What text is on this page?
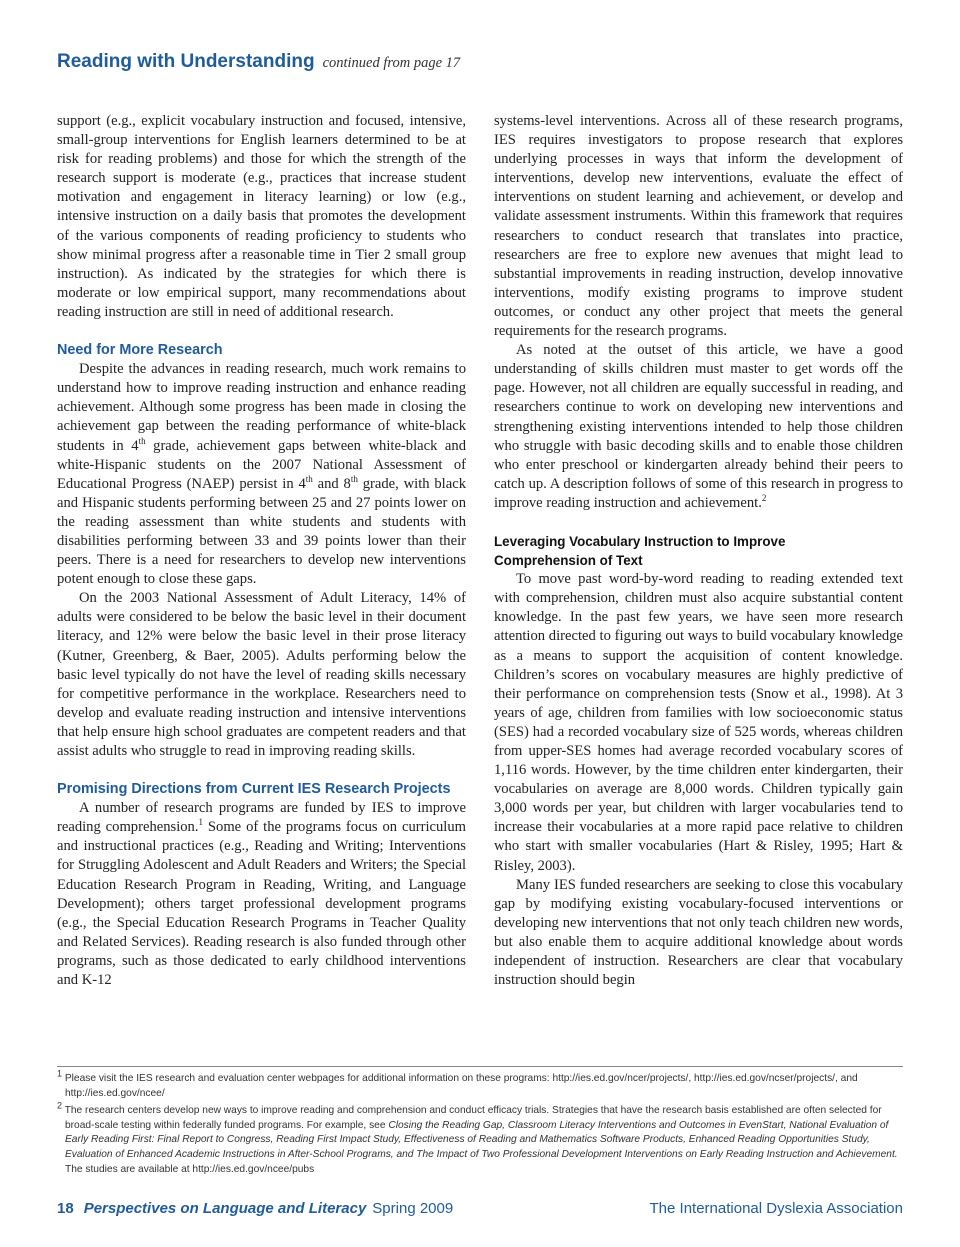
Reading with Understanding continued from page 17

support (e.g., explicit vocabulary instruction and focused, intensive, small-group interventions for English learners determined to be at risk for reading problems) and those for which the strength of the research support is moderate (e.g., practices that increase student motivation and engagement in literacy learning) or low (e.g., intensive instruction on a daily basis that promotes the development of the various components of reading proficiency to students who show minimal progress after a reasonable time in Tier 2 small group instruction). As indicated by the strategies for which there is moderate or low empirical support, many recommendations about reading instruction are still in need of additional research.

Need for More Research

Despite the advances in reading research, much work remains to understand how to improve reading instruction and enhance reading achievement. Although some progress has been made in closing the achievement gap between the reading performance of white-black students in 4th grade, achievement gaps between white-black and white-Hispanic students on the 2007 National Assessment of Educational Progress (NAEP) persist in 4th and 8th grade, with black and Hispanic students performing between 25 and 27 points lower on the reading assessment than white students and students with disabilities performing between 33 and 39 points lower than their peers. There is a need for researchers to develop new interventions potent enough to close these gaps.

On the 2003 National Assessment of Adult Literacy, 14% of adults were considered to be below the basic level in their document literacy, and 12% were below the basic level in their prose literacy (Kutner, Greenberg, & Baer, 2005). Adults performing below the basic level typically do not have the level of reading skills necessary for competitive performance in the workplace. Researchers need to develop and evaluate reading instruction and intensive interventions that help ensure high school graduates are competent readers and that assist adults who struggle to read in improving reading skills.

Promising Directions from Current IES Research Projects

A number of research programs are funded by IES to improve reading comprehension.$^1$ Some of the programs focus on curriculum and instructional practices (e.g., Reading and Writing; Interventions for Struggling Adolescent and Adult Readers and Writers; the Special Education Research Program in Reading, Writing, and Language Development); others target professional development programs (e.g., the Special Education Research Programs in Teacher Quality and Related Services). Reading research is also funded through other programs, such as those dedicated to early childhood interventions and K-12

systems-level interventions. Across all of these research programs, IES requires investigators to propose research that explores underlying processes in ways that inform the development of interventions, develop new interventions, evaluate the effect of interventions on student learning and achievement, or develop and validate assessment instruments. Within this framework that requires researchers to conduct research that translates into practice, researchers are free to explore new avenues that might lead to substantial improvements in reading instruction, develop innovative interventions, modify existing programs to improve student outcomes, or conduct any other project that meets the general requirements for the research programs.

As noted at the outset of this article, we have a good understanding of skills children must master to get words off the page. However, not all children are equally successful in reading, and researchers continue to work on developing new interventions and strengthening existing interventions intended to help those children who struggle with basic decoding skills and to enable those children who enter preschool or kindergarten already behind their peers to catch up. A description follows of some of this research in progress to improve reading instruction and achievement.$^2$

Leveraging Vocabulary Instruction to Improve
Comprehension of Text

To move past word-by-word reading to reading extended text with comprehension, children must also acquire substantial content knowledge. In the past few years, we have seen more research attention directed to figuring out ways to build vocabulary knowledge as a means to support the acquisition of content knowledge. Children’s scores on vocabulary measures are highly predictive of their performance on comprehension tests (Snow et al., 1998). At 3 years of age, children from families with low socioeconomic status (SES) had a recorded vocabulary size of 525 words, whereas children from upper-SES homes had average recorded vocabulary scores of 1,116 words. However, by the time children enter kindergarten, their vocabularies on average are 8,000 words. Children typically gain 3,000 words per year, but children with larger vocabularies tend to increase their vocabularies at a more rapid pace relative to children who start with smaller vocabularies (Hart & Risley, 1995; Hart & Risley, 2003).

Many IES funded researchers are seeking to close this vocabulary gap by modifying existing vocabulary-focused interventions or developing new interventions that not only teach children new words, but also enable them to acquire additional knowledge about words independent of instruction. Researchers are clear that vocabulary instruction should begin

$^1$ Please visit the IES research and evaluation center webpages for additional information on these programs: http://ies.ed.gov/ncer/projects/, http://ies.ed.gov/ncser/projects/, and http://ies.ed.gov/ncee/

$^2$ The research centers develop new ways to improve reading and comprehension and conduct efficacy trials. Strategies that have the research basis established are often selected for broad-scale testing within federally funded programs. For example, see Closing the Reading Gap, Classroom Literacy Interventions and Outcomes in EvenStart, National Evaluation of Early Reading First: Final Report to Congress, Reading First Impact Study, Effectiveness of Reading and Mathematics Software Products, Enhanced Reading Opportunities Study, Evaluation of Enhanced Academic Instructions in After-School Programs, and The Impact of Two Professional Development Interventions on Early Reading Instruction and Achievement. The studies are available at http://ies.ed.gov/ncee/pubs

18 Perspectives on Language and Literacy Spring 2009	The International Dyslexia Association
